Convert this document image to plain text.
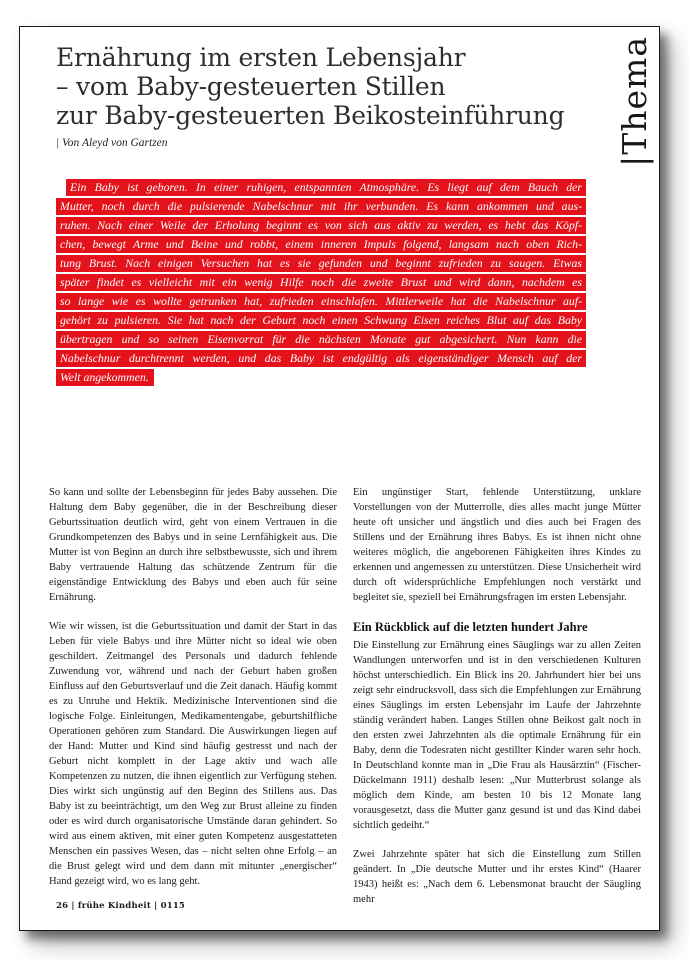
|Thema
Ernährung im ersten Lebensjahr
– vom Baby-gesteuerten Stillen
zur Baby-gesteuerten Beikosteinführung
| Von Aleyd von Gartzen
Ein Baby ist geboren. In einer ruhigen, entspannten Atmosphäre. Es liegt auf dem Bauch der
Mutter, noch durch die pulsierende Nabelschnur mit ihr verbunden. Es kann ankommen und aus-
ruhen. Nach einer Weile der Erholung beginnt es von sich aus aktiv zu werden, es hebt das Köpf-
chen, bewegt Arme und Beine und robbt, einem inneren Impuls folgend, langsam nach oben Rich-
tung Brust. Nach einigen Versuchen hat es sie gefunden und beginnt zufrieden zu saugen. Etwas
später findet es vielleicht mit ein wenig Hilfe noch die zweite Brust und wird dann, nachdem es
so lange wie es wollte getrunken hat, zufrieden einschlafen. Mittlerweile hat die Nabelschnur auf-
gehört zu pulsieren. Sie hat nach der Geburt noch einen Schwung Eisen reiches Blut auf das Baby
übertragen und so seinen Eisenvorrat für die nächsten Monate gut abgesichert. Nun kann die
Nabelschnur durchtrennt werden, und das Baby ist endgültig als eigenständiger Mensch auf der
Welt angekommen.

So kann und sollte der Lebensbeginn für jedes Baby aussehen. Die Haltung dem Baby gegenüber, die in der Beschreibung dieser Geburtssituation deutlich wird, geht von einem Vertrauen in die Grundkompetenzen des Babys und in seine Lernfähigkeit aus. Die Mutter ist von Beginn an durch ihre selbstbewusste, sich und ihrem Baby vertrauende Haltung das schützende Zentrum für die eigenständige Entwicklung des Babys und eben auch für seine Ernährung.

Wie wir wissen, ist die Geburtssituation und damit der Start in das Leben für viele Babys und ihre Mütter nicht so ideal wie oben geschildert. Zeitmangel des Personals und dadurch fehlende Zuwendung vor, während und nach der Geburt haben großen Einfluss auf den Geburtsverlauf und die Zeit danach. Häufig kommt es zu Unruhe und Hektik. Medizinische Interventionen sind die logische Folge. Einleitungen, Medikamentengabe, geburtshilfliche Operationen gehören zum Standard. Die Auswirkungen liegen auf der Hand: Mutter und Kind sind häufig gestresst und nach der Geburt nicht komplett in der Lage aktiv und wach alle Kompetenzen zu nutzen, die ihnen eigentlich zur Verfügung stehen. Dies wirkt sich ungünstig auf den Beginn des Stillens aus. Das Baby ist zu beeinträchtigt, um den Weg zur Brust alleine zu finden oder es wird durch organisatorische Umstände daran gehindert. So wird aus einem aktiven, mit einer guten Kompetenz ausgestatteten Menschen ein passives Wesen, das – nicht selten ohne Erfolg – an die Brust gelegt wird und dem dann mit mitunter „energischer“ Hand gezeigt wird, wo es lang geht.

Ein ungünstiger Start, fehlende Unterstützung, unklare Vorstellungen von der Mutterrolle, dies alles macht junge Mütter heute oft unsicher und ängstlich und dies auch bei Fragen des Stillens und der Ernährung ihres Babys. Es ist ihnen nicht ohne weiteres möglich, die angeborenen Fähigkeiten ihres Kindes zu erkennen und angemessen zu unterstützen. Diese Unsicherheit wird durch oft widersprüchliche Empfehlungen noch verstärkt und begleitet sie, speziell bei Ernährungsfragen im ersten Lebensjahr.

Ein Rückblick auf die letzten hundert Jahre

Die Einstellung zur Ernährung eines Säuglings war zu allen Zeiten Wandlungen unterworfen und ist in den verschiedenen Kulturen höchst unterschiedlich. Ein Blick ins 20. Jahrhundert hier bei uns zeigt sehr eindrucksvoll, dass sich die Empfehlungen zur Ernährung eines Säuglings im ersten Lebensjahr im Laufe der Jahrzehnte ständig verändert haben. Langes Stillen ohne Beikost galt noch in den ersten zwei Jahrzehnten als die optimale Ernährung für ein Baby, denn die Todesraten nicht gestillter Kinder waren sehr hoch. In Deutschland konnte man in „Die Frau als Hausärztin“ (Fischer-Dückelmann 1911) deshalb lesen: „Nur Mutterbrust solange als möglich dem Kinde, am besten 10 bis 12 Monate lang vorausgesetzt, dass die Mutter ganz gesund ist und das Kind dabei sichtlich gedeiht.“

Zwei Jahrzehnte später hat sich die Einstellung zum Stillen geändert. In „Die deutsche Mutter und ihr erstes Kind“ (Haarer 1943) heißt es: „Nach dem 6. Lebensmonat braucht der Säugling mehr

26 | frühe Kindheit | 0115
